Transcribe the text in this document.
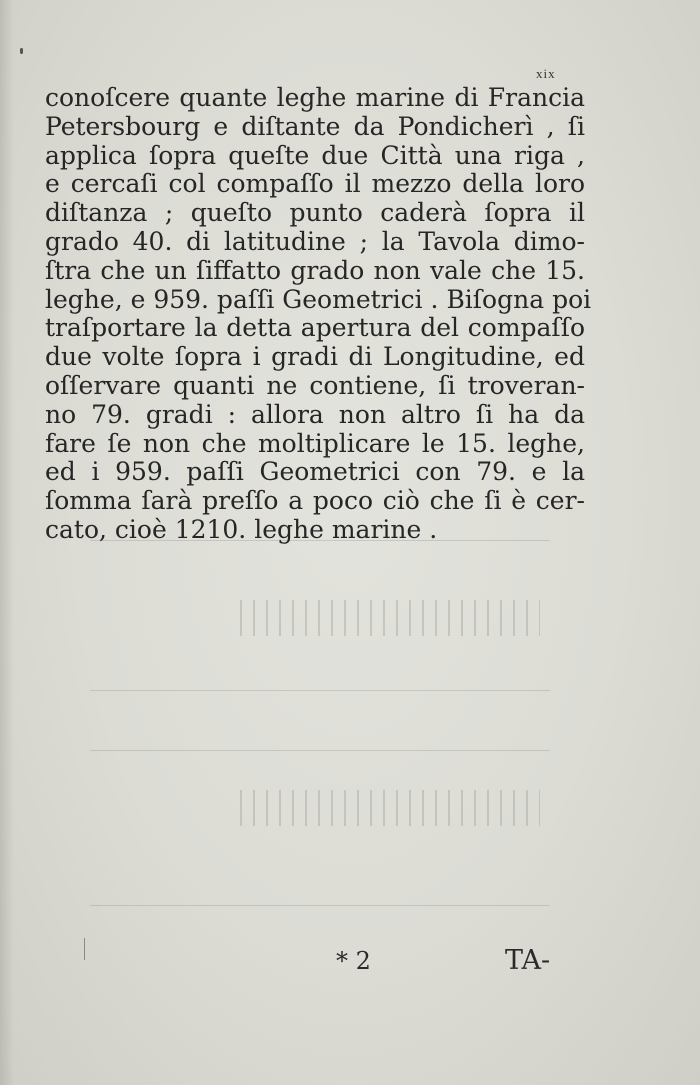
xix
conoſcere quante leghe marine di Francia
Petersbourg e diſtante da Pondicherì , ſi
applica ſopra queſte due Città una riga ,
e cercaſi col compaſſo il mezzo della loro
diſtanza ; queſto punto caderà ſopra il
grado 40. di latitudine ; la Tavola dimo-
ſtra che un ſiffatto grado non vale che 15.
leghe, e 959. paſſi Geometrici . Biſogna poi
traſportare la detta apertura del compaſſo
due volte ſopra i gradi di Longitudine, ed
oſſervare quanti ne contiene, ſi troveran-
no 79. gradi : allora non altro ſi ha da
fare ſe non che moltiplicare le 15. leghe,
ed i 959. paſſi Geometrici con 79. e la
ſomma ſarà preſſo a poco ciò che ſi è cer-
cato, cioè 1210. leghe marine .
* 2	TA-
